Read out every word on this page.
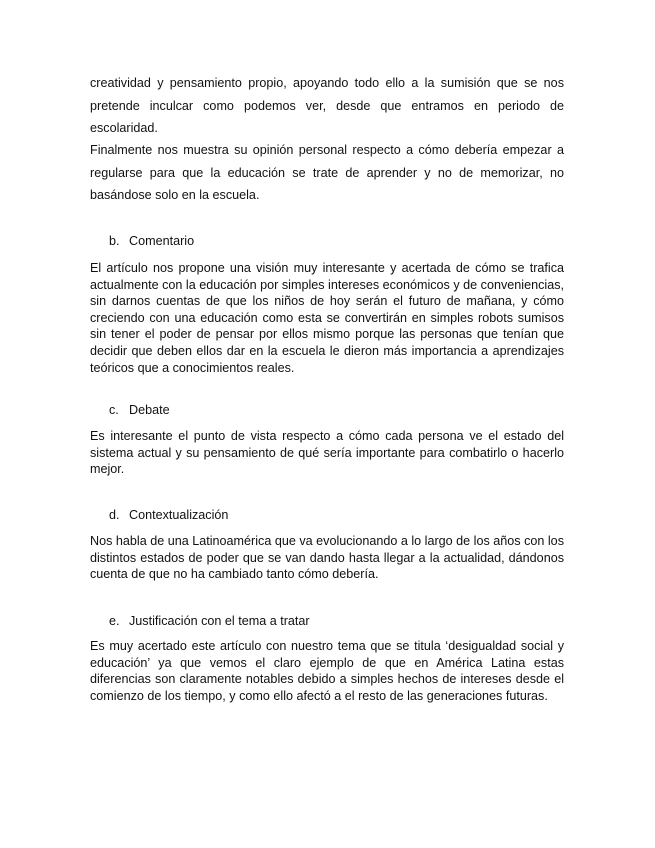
creatividad y pensamiento propio, apoyando todo ello a la sumisión que se nos pretende inculcar como podemos ver, desde que entramos en periodo de escolaridad.

Finalmente nos muestra su opinión personal respecto a cómo debería empezar a regularse para que la educación se trate de aprender y no de memorizar, no basándose solo en la escuela.

b. Comentario

El artículo nos propone una visión muy interesante y acertada de cómo se trafica actualmente con la educación por simples intereses económicos y de conveniencias, sin darnos cuentas de que los niños de hoy serán el futuro de mañana, y cómo creciendo con una educación como esta se convertirán en simples robots sumisos sin tener el poder de pensar por ellos mismo porque las personas que tenían que decidir que deben ellos dar en la escuela le dieron más importancia a aprendizajes teóricos que a conocimientos reales.

c. Debate

Es interesante el punto de vista respecto a cómo cada persona ve el estado del sistema actual y su pensamiento de qué sería importante para combatirlo o hacerlo mejor.

d. Contextualización

Nos habla de una Latinoamérica que va evolucionando a lo largo de los años con los distintos estados de poder que se van dando hasta llegar a la actualidad, dándonos cuenta de que no ha cambiado tanto cómo debería.

e. Justificación con el tema a tratar

Es muy acertado este artículo con nuestro tema que se titula ‘desigualdad social y educación’ ya que vemos el claro ejemplo de que en América Latina estas diferencias son claramente notables debido a simples hechos de intereses desde el comienzo de los tiempo, y como ello afectó a el resto de las generaciones futuras.
